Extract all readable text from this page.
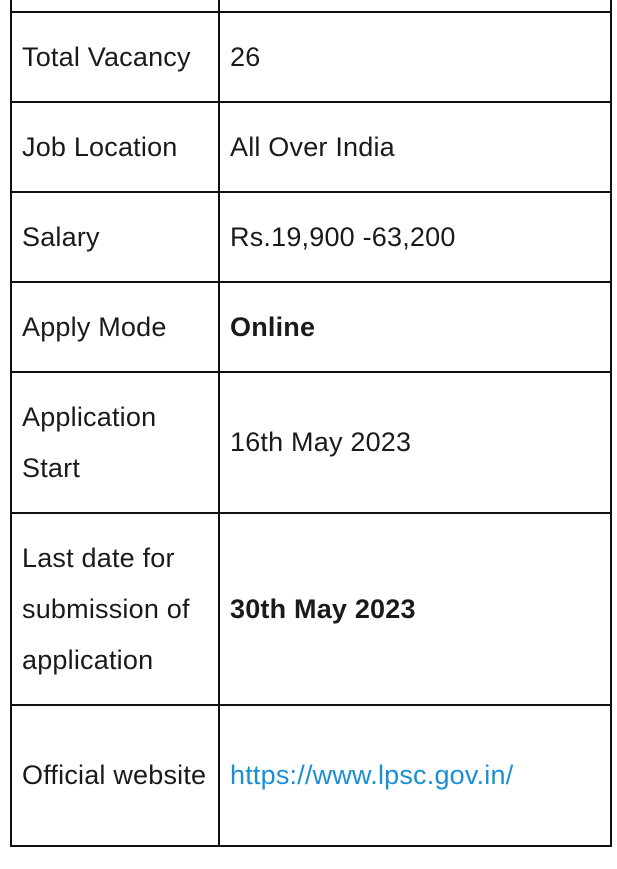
Total Vacancy	26
Job Location	All Over India
Salary	Rs.19,900 -63,200
Apply Mode	Online
Application Start	16th May 2023
Last date for submission of application	30th May 2023
Official website	https://www.lpsc.gov.in/
